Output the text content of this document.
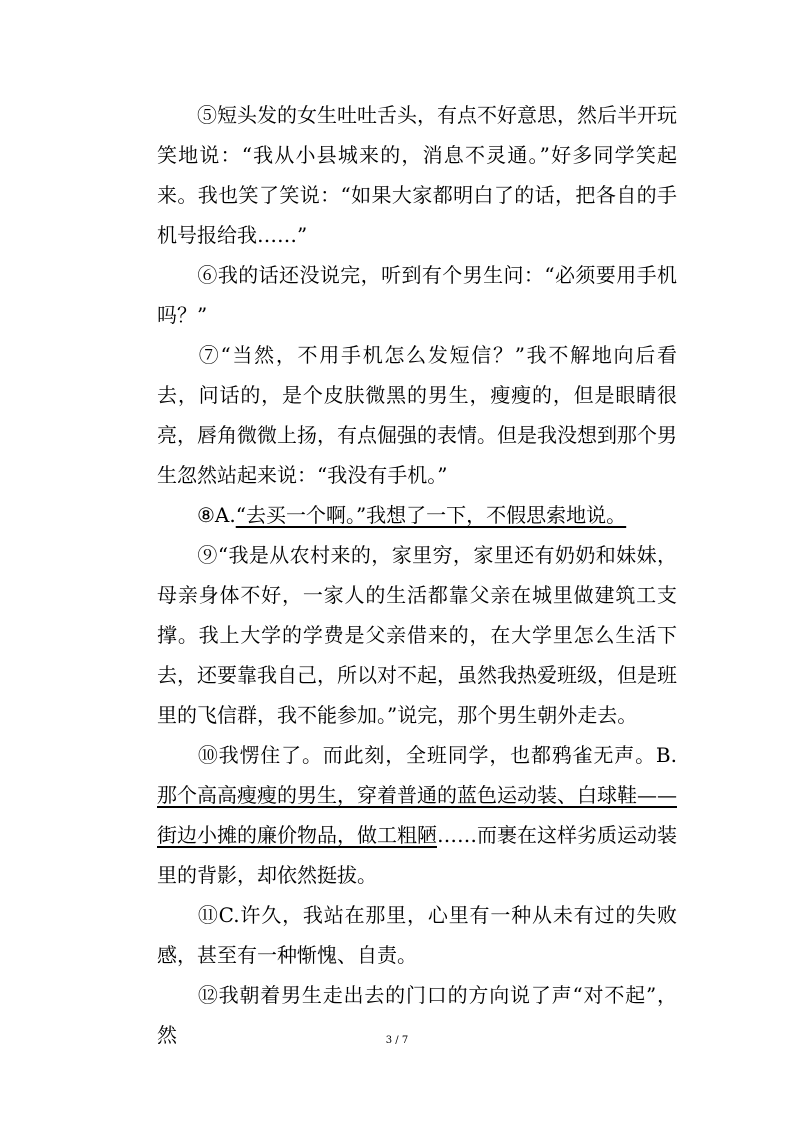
⑤短头发的女生吐吐舌头，有点不好意思，然后半开玩笑地说：“我从小县城来的，消息不灵通。”好多同学笑起来。我也笑了笑说：“如果大家都明白了的话，把各自的手机号报给我……”

⑥我的话还没说完，听到有个男生问：“必须要用手机吗？”

⑦“当然，不用手机怎么发短信？”我不解地向后看去，问话的，是个皮肤微黑的男生，瘦瘦的，但是眼睛很亮，唇角微微上扬，有点倔强的表情。但是我没想到那个男生忽然站起来说：“我没有手机。”

⑧A.“去买一个啊。”我想了一下，不假思索地说。

⑨“我是从农村来的，家里穷，家里还有奶奶和妹妹，母亲身体不好，一家人的生活都靠父亲在城里做建筑工支撑。我上大学的学费是父亲借来的，在大学里怎么生活下去，还要靠我自己，所以对不起，虽然我热爱班级，但是班里的飞信群，我不能参加。”说完，那个男生朝外走去。

⑩我愣住了。而此刻，全班同学，也都鸦雀无声。B.那个高高瘦瘦的男生，穿着普通的蓝色运动装、白球鞋——街边小摊的廉价物品，做工粗陋……而裹在这样劣质运动装里的背影，却依然挺拔。

⑪C.许久，我站在那里，心里有一种从未有过的失败感，甚至有一种惭愧、自责。

⑫我朝着男生走出去的门口的方向说了声“对不起”，然	3 / 7
